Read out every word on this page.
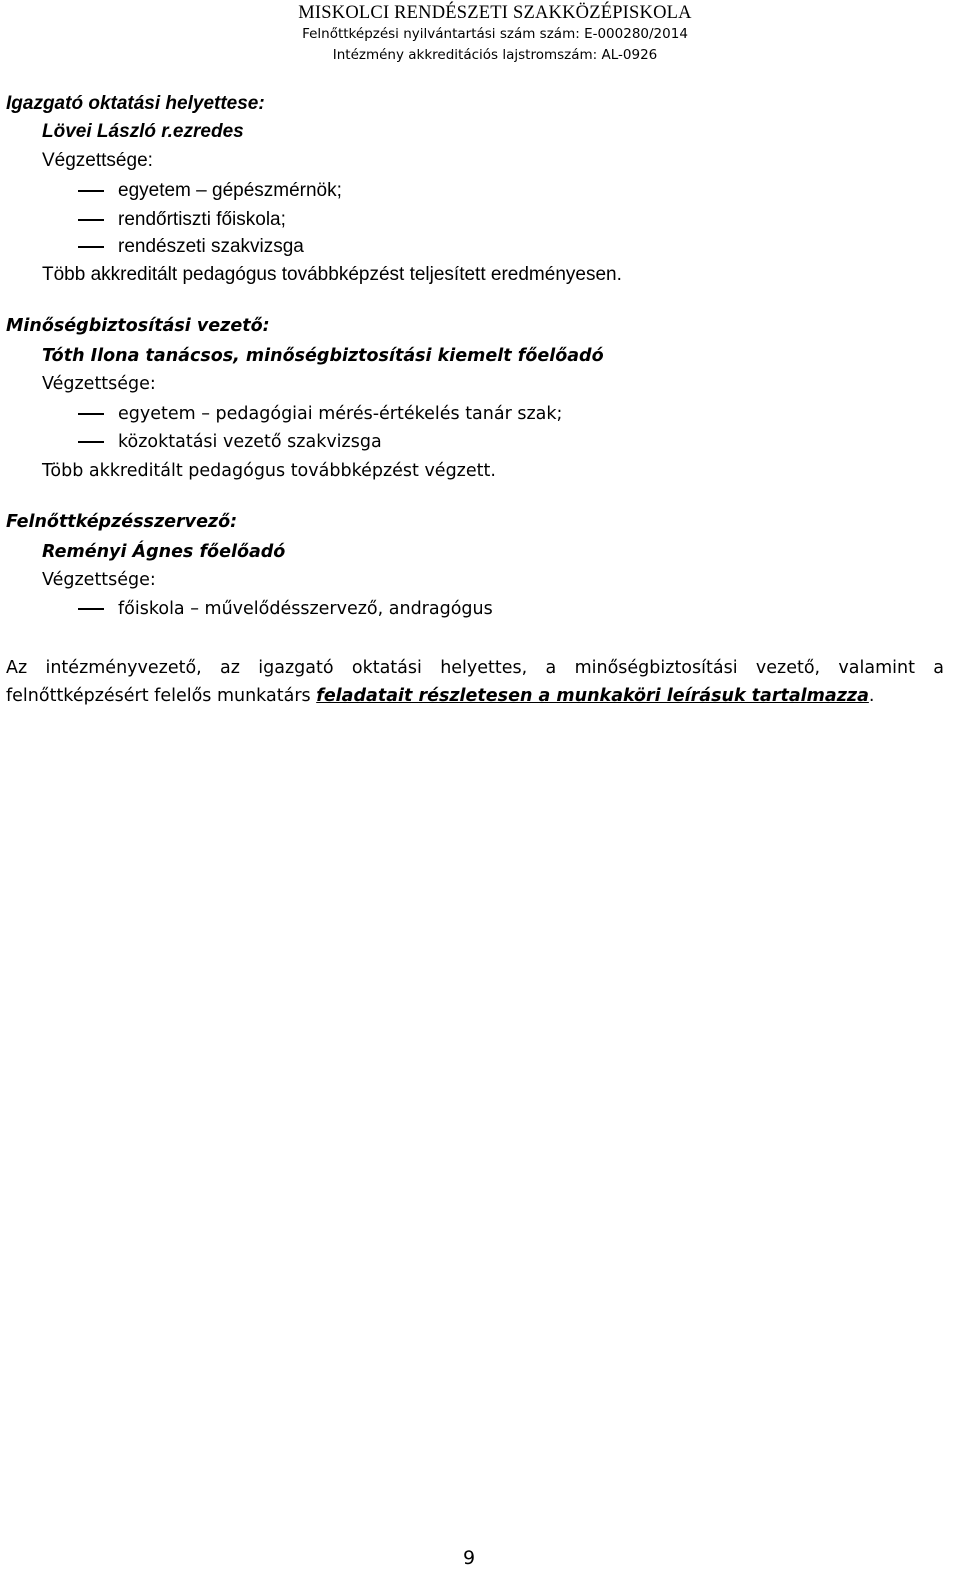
MISKOLCI RENDÉSZETI SZAKKÖZÉPISKOLA
Felnőttképzési nyilvántartási szám szám: E-000280/2014
Intézmény akkreditációs lajstromszám: AL-0926
Igazgató oktatási helyettese:
Lövei László r.ezredes
Végzettsége:
egyetem – gépészmérnök;
rendőrtiszti főiskola;
rendészeti szakvizsga
Több akkreditált pedagógus továbbképzést teljesített eredményesen.
Minőségbiztosítási vezető:
Tóth Ilona tanácsos, minőségbiztosítási kiemelt főelőadó
Végzettsége:
egyetem – pedagógiai mérés-értékelés tanár szak;
közoktatási vezető szakvizsga
Több akkreditált pedagógus továbbképzést végzett.
Felnőttképzésszervező:
Reményi Ágnes főelőadó
Végzettsége:
főiskola – művelődésszervező, andragógus
Az intézményvezető, az igazgató oktatási helyettes, a minőségbiztosítási vezető, valamint a felnőttképzésért felelős munkatárs feladatait részletesen a munkaköri leírásuk tartalmazza.
9
